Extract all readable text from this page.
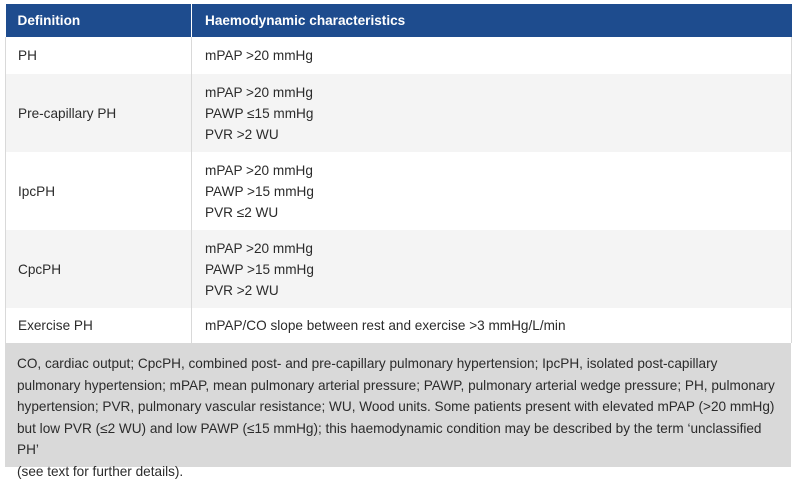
Definition	Haemodynamic characteristics
PH	mPAP >20 mmHg

Pre-capillary PH	mPAP >20 mmHg
PAWP ≤15 mmHg
PVR >2 WU

IpcPH	mPAP >20 mmHg
PAWP >15 mmHg
PVR ≤2 WU

CpcPH	mPAP >20 mmHg
PAWP >15 mmHg
PVR >2 WU

Exercise PH	mPAP/CO slope between rest and exercise >3 mmHg/L/min
CO, cardiac output; CpcPH, combined post- and pre-capillary pulmonary hypertension; IpcPH, isolated post-capillary
pulmonary hypertension; mPAP, mean pulmonary arterial pressure; PAWP, pulmonary arterial wedge pressure; PH, pulmonary
hypertension; PVR, pulmonary vascular resistance; WU, Wood units. Some patients present with elevated mPAP (>20 mmHg)
but low PVR (≤2 WU) and low PAWP (≤15 mmHg); this haemodynamic condition may be described by the term ‘unclassified PH’
(see text for further details).
